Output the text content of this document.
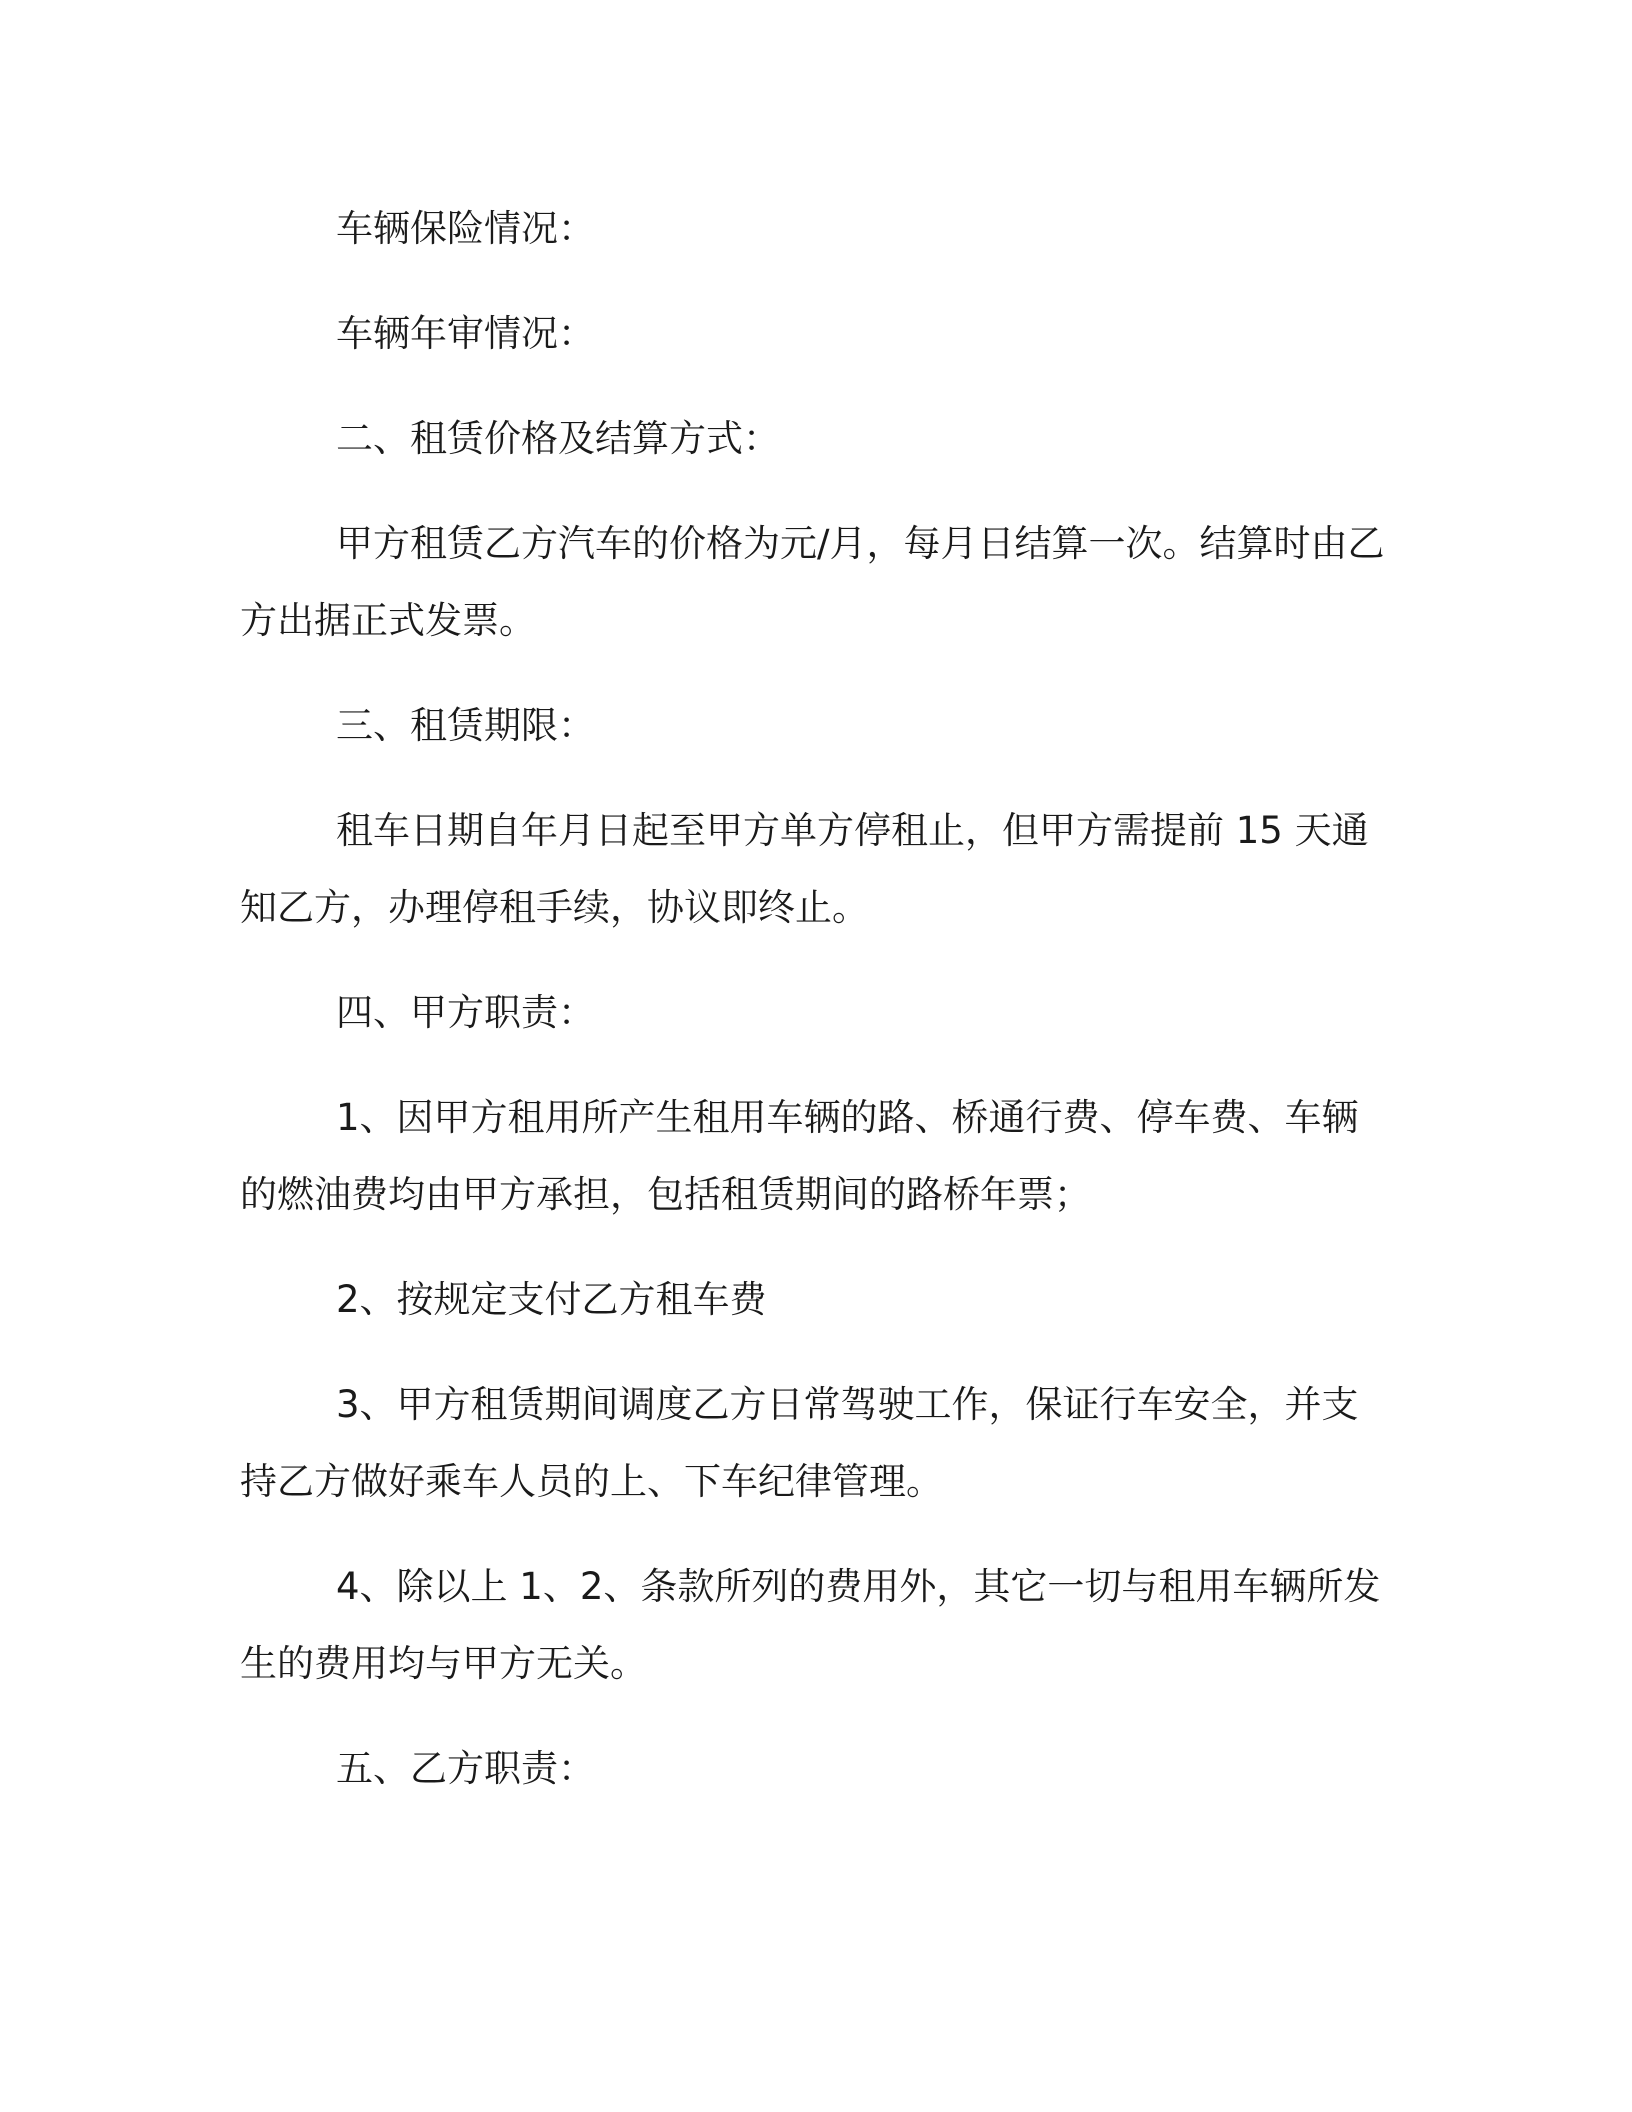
车辆保险情况：

车辆年审情况：

二、租赁价格及结算方式：

甲方租赁乙方汽车的价格为元/月，每月日结算一次。结算时由乙方出据正式发票。

三、租赁期限：

租车日期自年月日起至甲方单方停租止，但甲方需提前 15 天通知乙方，办理停租手续，协议即终止。

四、甲方职责：

1、因甲方租用所产生租用车辆的路、桥通行费、停车费、车辆的燃油费均由甲方承担，包括租赁期间的路桥年票；

2、按规定支付乙方租车费

3、甲方租赁期间调度乙方日常驾驶工作，保证行车安全，并支持乙方做好乘车人员的上、下车纪律管理。

4、除以上 1、2、条款所列的费用外，其它一切与租用车辆所发生的费用均与甲方无关。

五、乙方职责：
